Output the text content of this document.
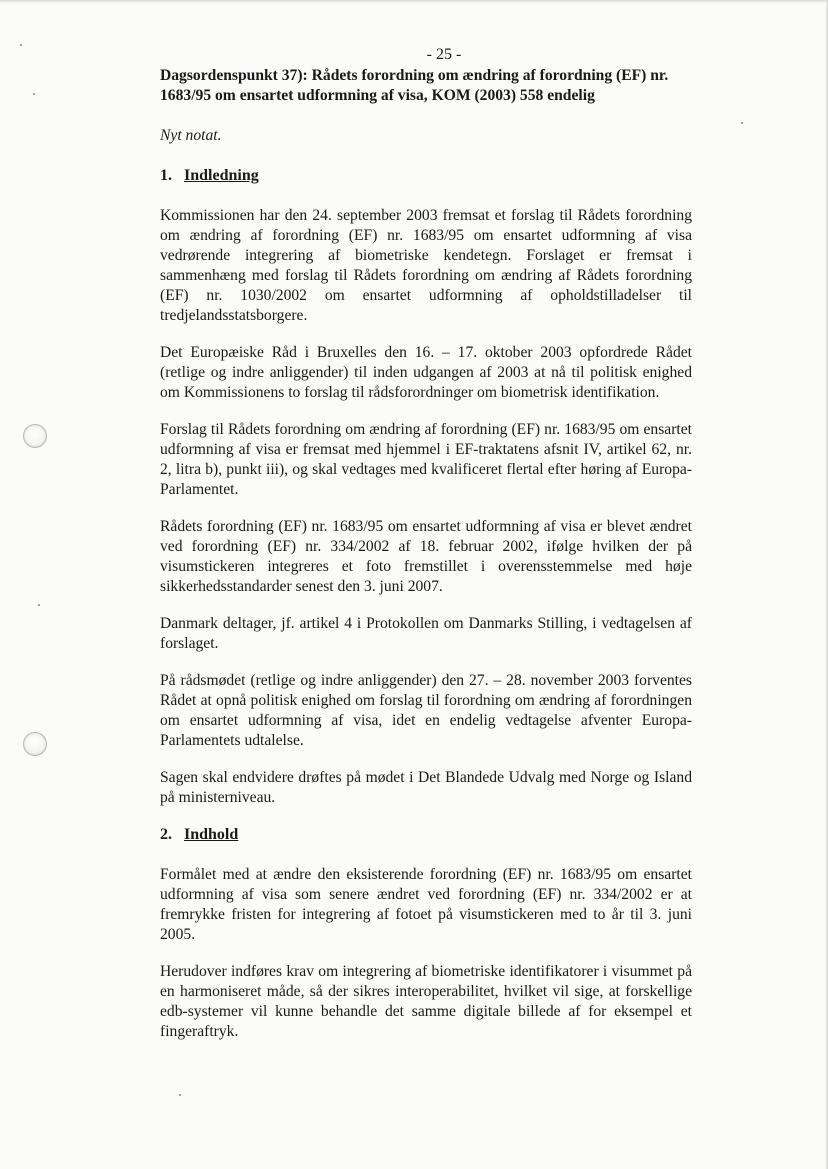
- 25 -
Dagsordenspunkt 37): Rådets forordning om ændring af forordning (EF) nr. 1683/95 om ensartet udformning af visa, KOM (2003) 558 endelig
Nyt notat.
1. Indledning

Kommissionen har den 24. september 2003 fremsat et forslag til Rådets forordning om ændring af forordning (EF) nr. 1683/95 om ensartet udformning af visa vedrørende integrering af biometriske kendetegn. Forslaget er fremsat i sammenhæng med forslag til Rådets forordning om ændring af Rådets forordning (EF) nr. 1030/2002 om ensartet udformning af opholdstilladelser til tredjelandsstatsborgere.

Det Europæiske Råd i Bruxelles den 16. – 17. oktober 2003 opfordrede Rådet (retlige og indre anliggender) til inden udgangen af 2003 at nå til politisk enighed om Kommissionens to forslag til rådsforordninger om biometrisk identifikation.

Forslag til Rådets forordning om ændring af forordning (EF) nr. 1683/95 om ensartet udformning af visa er fremsat med hjemmel i EF-traktatens afsnit IV, artikel 62, nr. 2, litra b), punkt iii), og skal vedtages med kvalificeret flertal efter høring af Europa-Parlamentet.

Rådets forordning (EF) nr. 1683/95 om ensartet udformning af visa er blevet ændret ved forordning (EF) nr. 334/2002 af 18. februar 2002, ifølge hvilken der på visumstickeren integreres et foto fremstillet i overensstemmelse med høje sikkerhedsstandarder senest den 3. juni 2007.

Danmark deltager, jf. artikel 4 i Protokollen om Danmarks Stilling, i vedtagelsen af forslaget.

På rådsmødet (retlige og indre anliggender) den 27. – 28. november 2003 forventes Rådet at opnå politisk enighed om forslag til forordning om ændring af forordningen om ensartet udformning af visa, idet en endelig vedtagelse afventer Europa-Parlamentets udtalelse.

Sagen skal endvidere drøftes på mødet i Det Blandede Udvalg med Norge og Island på ministerniveau.

2. Indhold

Formålet med at ændre den eksisterende forordning (EF) nr. 1683/95 om ensartet udformning af visa som senere ændret ved forordning (EF) nr. 334/2002 er at fremrykke fristen for integrering af fotoet på visumstickeren med to år til 3. juni 2005.

Herudover indføres krav om integrering af biometriske identifikatorer i visummet på en harmoniseret måde, så der sikres interoperabilitet, hvilket vil sige, at forskellige edb-systemer vil kunne behandle det samme digitale billede af for eksempel et fingeraftryk.
